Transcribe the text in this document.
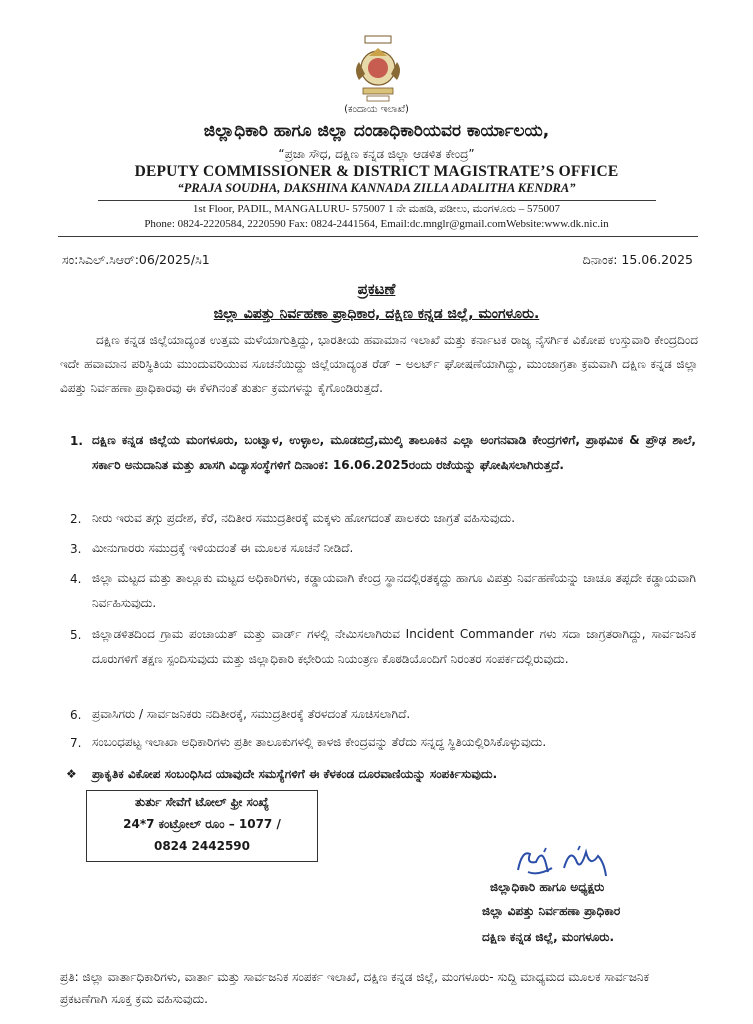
(ಕಂದಾಯ ಇಲಾಖೆ)
ಜಿಲ್ಲಾಧಿಕಾರಿ ಹಾಗೂ ಜಿಲ್ಲಾ ದಂಡಾಧಿಕಾರಿಯವರ ಕಾರ್ಯಾಲಯ,
“ಪ್ರಜಾ ಸೌಧ, ದಕ್ಷಿಣ ಕನ್ನಡ ಜಿಲ್ಲಾ ಆಡಳಿತ ಕೇಂದ್ರ”
DEPUTY COMMISSIONER & DISTRICT MAGISTRATE’S OFFICE
“PRAJA SOUDHA, DAKSHINA KANNADA ZILLA ADALITHA KENDRA”
1st Floor, PADIL, MANGALURU- 575007 1 ನೇ ಮಹಡಿ, ಪಡೀಲು, ಮಂಗಳೂರು – 575007
Phone: 0824-2220584, 2220590 Fax: 0824-2441564, Email:dc.mnglr@gmail.comWebsite:www.dk.nic.in
ಸಂ:ಸಿಎಲ್.ಸಿಆರ್:06/2025/ಸಿ1	ದಿನಾಂಕ: 15.06.2025
ಪ್ರಕಟಣೆ
ಜಿಲ್ಲಾ ವಿಪತ್ತು ನಿರ್ವಹಣಾ ಪ್ರಾಧಿಕಾರ, ದಕ್ಷಿಣ ಕನ್ನಡ ಜಿಲ್ಲೆ, ಮಂಗಳೂರು.
ದಕ್ಷಿಣ ಕನ್ನಡ ಜಿಲ್ಲೆಯಾದ್ಯಂತ ಉತ್ತಮ ಮಳೆಯಾಗುತ್ತಿದ್ದು, ಭಾರತೀಯ ಹವಾಮಾನ ಇಲಾಖೆ ಮತ್ತು ಕರ್ನಾಟಕ ರಾಜ್ಯ ನೈಸರ್ಗಿಕ ವಿಕೋಪ ಉಸ್ತುವಾರಿ ಕೇಂದ್ರದಿಂದ ಇದೇ ಹವಾಮಾನ ಪರಿಸ್ಥಿತಿಯ ಮುಂದುವರಿಯುವ ಸೂಚನೆಯಿದ್ದು ಜಿಲ್ಲೆಯಾದ್ಯಂತ ರೆಡ್ – ಅಲರ್ಟ್ ಘೋಷಣೆಯಾಗಿದ್ದು, ಮುಂಜಾಗ್ರತಾ ಕ್ರಮವಾಗಿ ದಕ್ಷಿಣ ಕನ್ನಡ ಜಿಲ್ಲಾ ವಿಪತ್ತು ನಿರ್ವಹಣಾ ಪ್ರಾಧಿಕಾರವು ಈ ಕೆಳಗಿನಂತೆ ತುರ್ತು ಕ್ರಮಗಳನ್ನು ಕೈಗೊಂಡಿರುತ್ತದೆ.
1. ದಕ್ಷಿಣ ಕನ್ನಡ ಜಿಲ್ಲೆಯ ಮಂಗಳೂರು, ಬಂಟ್ವಾಳ, ಉಳ್ಳಾಲ, ಮೂಡಬಿದ್ರೆ,ಮುಲ್ಕಿ ತಾಲೂಕಿನ ಎಲ್ಲಾ ಅಂಗನವಾಡಿ ಕೇಂದ್ರಗಳಿಗೆ, ಪ್ರಾಥಮಿಕ & ಪ್ರೌಢ ಶಾಲೆ, ಸರ್ಕಾರಿ ಅನುದಾನಿತ ಮತ್ತು ಖಾಸಗಿ ವಿದ್ಯಾಸಂಸ್ಥೆಗಳಿಗೆ ದಿನಾಂಕ: 16.06.2025ರಂದು ರಜೆಯನ್ನು ಘೋಷಿಸಲಾಗಿರುತ್ತದೆ.
2. ನೀರು ಇರುವ ತಗ್ಗು ಪ್ರದೇಶ, ಕೆರೆ, ನದಿತೀರ ಸಮುದ್ರತೀರಕ್ಕೆ ಮಕ್ಕಳು ಹೋಗದಂತೆ ಪಾಲಕರು ಜಾಗ್ರತೆ ವಹಿಸುವುದು.
3. ಮೀನುಗಾರರು ಸಮುದ್ರಕ್ಕೆ ಇಳಿಯದಂತೆ ಈ ಮೂಲಕ ಸೂಚನೆ ನೀಡಿದೆ.
4. ಜಿಲ್ಲಾ ಮಟ್ಟದ ಮತ್ತು ತಾಲ್ಲೂಕು ಮಟ್ಟದ ಅಧಿಕಾರಿಗಳು, ಕಡ್ಡಾಯವಾಗಿ ಕೇಂದ್ರ ಸ್ಥಾನದಲ್ಲಿರತಕ್ಕದ್ದು ಹಾಗೂ ವಿಪತ್ತು ನಿರ್ವಹಣೆಯನ್ನು ಚಾಚೂ ತಪ್ಪದೇ ಕಡ್ಡಾಯವಾಗಿ ನಿರ್ವಹಿಸುವುದು.
5. ಜಿಲ್ಲಾಡಳಿತದಿಂದ ಗ್ರಾಮ ಪಂಚಾಯತ್ ಮತ್ತು ವಾರ್ಡ್ ಗಳಲ್ಲಿ ನೇಮಿಸಲಾಗಿರುವ Incident Commander ಗಳು ಸದಾ ಜಾಗ್ರತರಾಗಿದ್ದು, ಸಾರ್ವಜನಿಕ ದೂರುಗಳಿಗೆ ತಕ್ಷಣ ಸ್ಪಂದಿಸುವುದು ಮತ್ತು ಜಿಲ್ಲಾಧಿಕಾರಿ ಕಛೇರಿಯ ನಿಯಂತ್ರಣ ಕೊಠಡಿಯೊಂದಿಗೆ ನಿರಂತರ ಸಂಪರ್ಕದಲ್ಲಿರುವುದು.
6. ಪ್ರವಾಸಿಗರು / ಸಾರ್ವಜನಿಕರು ನದಿತೀರಕ್ಕೆ, ಸಮುದ್ರತೀರಕ್ಕೆ ತೆರಳದಂತೆ ಸೂಚಿಸಲಾಗಿದೆ.
7. ಸಂಬಂಧಪಟ್ಟ ಇಲಾಖಾ ಅಧಿಕಾರಿಗಳು ಪ್ರತೀ ತಾಲೂಕುಗಳಲ್ಲಿ ಕಾಳಜಿ ಕೇಂದ್ರವನ್ನು ತೆರೆದು ಸನ್ನದ್ಧ ಸ್ಥಿತಿಯಲ್ಲಿರಿಸಿಕೊಳ್ಳುವುದು.
❖ ಪ್ರಾಕೃತಿಕ ವಿಕೋಪ ಸಂಬಂಧಿಸಿದ ಯಾವುದೇ ಸಮಸ್ಯೆಗಳಿಗೆ ಈ ಕೆಳಕಂಡ ದೂರವಾಣಿಯನ್ನು ಸಂಪರ್ಕಿಸುವುದು.
ತುರ್ತು ಸೇವೆಗೆ ಟೋಲ್ ಫ್ರೀ ಸಂಖ್ಯೆ
24*7 ಕಂಟ್ರೋಲ್ ರೂಂ – 1077 /
0824 2442590
ಜಿಲ್ಲಾಧಿಕಾರಿ ಹಾಗೂ ಅಧ್ಯಕ್ಷರು
ಜಿಲ್ಲಾ ವಿಪತ್ತು ನಿರ್ವಹಣಾ ಪ್ರಾಧಿಕಾರ
ದಕ್ಷಿಣ ಕನ್ನಡ ಜಿಲ್ಲೆ, ಮಂಗಳೂರು.
ಪ್ರತಿ: ಜಿಲ್ಲಾ ವಾರ್ತಾಧಿಕಾರಿಗಳು, ವಾರ್ತಾ ಮತ್ತು ಸಾರ್ವಜನಿಕ ಸಂಪರ್ಕ ಇಲಾಖೆ, ದಕ್ಷಿಣ ಕನ್ನಡ ಜಿಲ್ಲೆ, ಮಂಗಳೂರು- ಸುದ್ದಿ ಮಾಧ್ಯಮದ ಮೂಲಕ ಸಾರ್ವಜನಿಕ ಪ್ರಕಟಣೆಗಾಗಿ ಸೂಕ್ತ ಕ್ರಮ ವಹಿಸುವುದು.
